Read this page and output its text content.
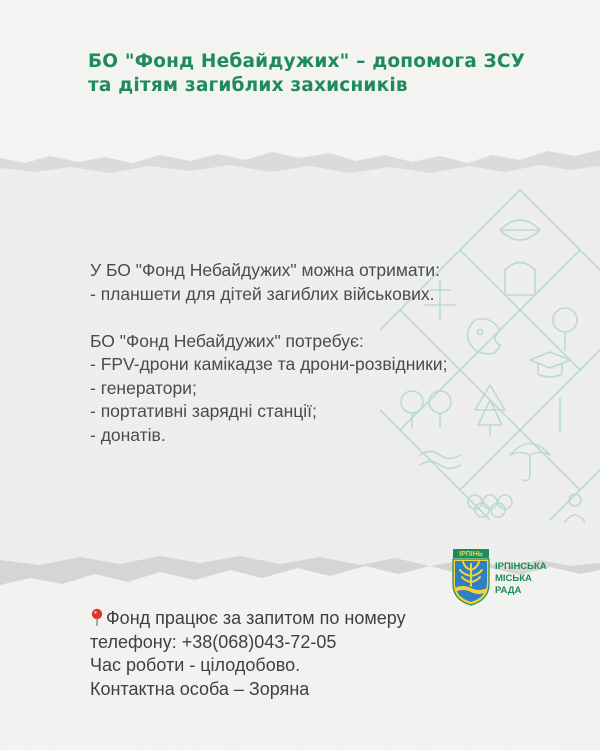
БО "Фонд Небайдужих" – допомога ЗСУ та дітям загиблих захисників
У БО "Фонд Небайдужих" можна отримати:
- планшети для дітей загиблих військових.
БО "Фонд Небайдужих" потребує:
- FPV-дрони камікадзе та дрони-розвідники;
- генератори;
- портативні зарядні станції;
- донатів.
ІРПІНЬ
ІРПІНСЬКА
МІСЬКА
РАДА
Фонд працює за запитом по номеру
телефону: +38(068)043-72-05
Час роботи - цілодобово.
Контактна особа – Зоряна
